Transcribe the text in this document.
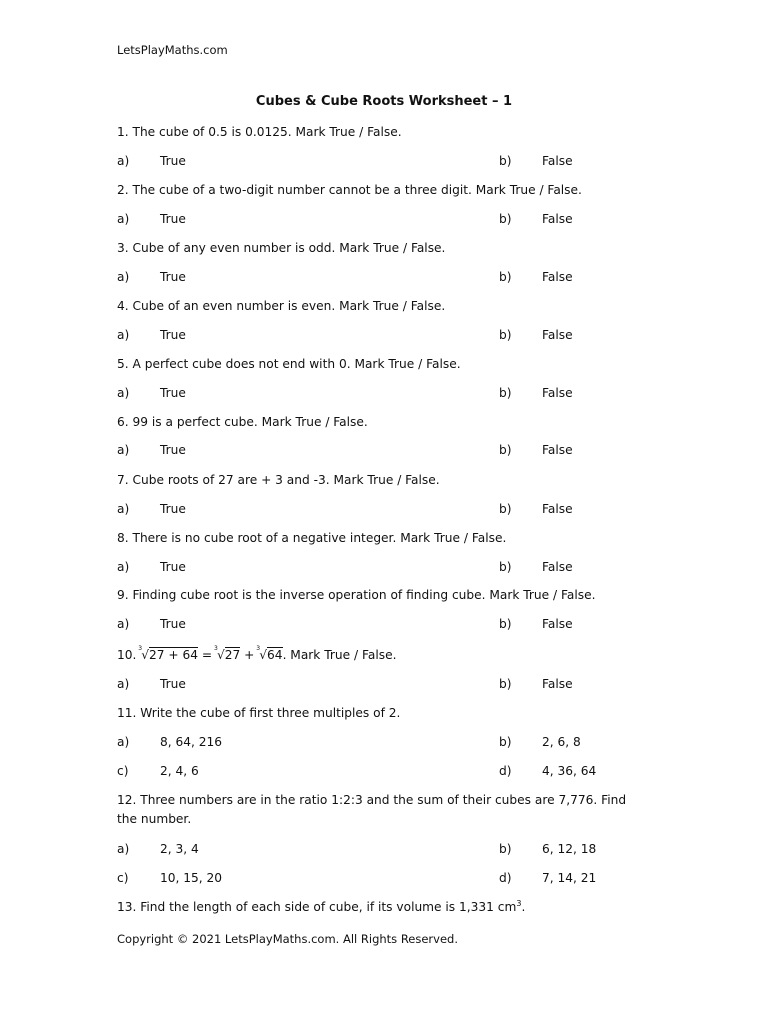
LetsPlayMaths.com
Cubes & Cube Roots Worksheet – 1
1. The cube of 0.5 is 0.0125. Mark True / False.
a)	True	b)	False
2. The cube of a two-digit number cannot be a three digit. Mark True / False.
a)	True	b)	False
3. Cube of any even number is odd. Mark True / False.
a)	True	b)	False
4. Cube of an even number is even. Mark True / False.
a)	True	b)	False
5. A perfect cube does not end with 0. Mark True / False.
a)	True	b)	False
6. 99 is a perfect cube. Mark True / False.
a)	True	b)	False
7. Cube roots of 27 are + 3 and -3. Mark True / False.
a)	True	b)	False
8. There is no cube root of a negative integer. Mark True / False.
a)	True	b)	False
9. Finding cube root is the inverse operation of finding cube. Mark True / False.
a)	True	b)	False
10. 3 √27 + 64 =
3 √27 +
3 √64. Mark True / False.
a)	True	b)	False
11. Write the cube of first three multiples of 2.
a)	8, 64, 216	b)	2, 6, 8
c)	2, 4, 6	d)	4, 36, 64
12. Three numbers are in the ratio 1:2:3 and the sum of their cubes are 7,776. Find the number.
a)	2, 3, 4	b)	6, 12, 18
c)	10, 15, 20	d)	7, 14, 21
13. Find the length of each side of cube, if its volume is 1,331 $cm^3$.
Copyright © 2021 LetsPlayMaths.com. All Rights Reserved.
